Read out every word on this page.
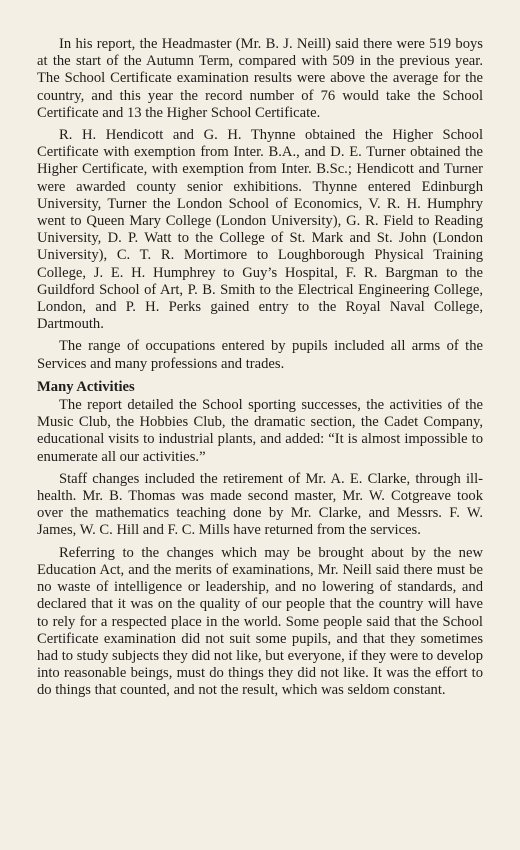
In his report, the Headmaster (Mr. B. J. Neill) said there were 519 boys at the start of the Autumn Term, compared with 509 in the previous year. The School Certificate examination results were above the average for the country, and this year the record number of 76 would take the School Certificate and 13 the Higher School Certificate.

R. H. Hendicott and G. H. Thynne obtained the Higher School Certificate with exemption from Inter. B.A., and D. E. Turner obtained the Higher Certificate, with exemption from Inter. B.Sc.; Hendicott and Turner were awarded county senior exhibitions. Thynne entered Edinburgh University, Turner the London School of Economics, V. R. H. Humphry went to Queen Mary College (London University), G. R. Field to Reading University, D. P. Watt to the College of St. Mark and St. John (London University), C. T. R. Mortimore to Loughborough Physical Training College, J. E. H. Humphrey to Guy’s Hospital, F. R. Bargman to the Guildford School of Art, P. B. Smith to the Electrical Engineering College, London, and P. H. Perks gained entry to the Royal Naval College, Dartmouth.

The range of occupations entered by pupils included all arms of the Services and many professions and trades.

Many Activities

The report detailed the School sporting successes, the activities of the Music Club, the Hobbies Club, the dramatic section, the Cadet Company, educational visits to industrial plants, and added: “It is almost impossible to enumerate all our activities.”

Staff changes included the retirement of Mr. A. E. Clarke, through ill-health. Mr. B. Thomas was made second master, Mr. W. Cotgreave took over the mathematics teaching done by Mr. Clarke, and Messrs. F. W. James, W. C. Hill and F. C. Mills have returned from the services.

Referring to the changes which may be brought about by the new Education Act, and the merits of examinations, Mr. Neill said there must be no waste of intelligence or leadership, and no lowering of standards, and declared that it was on the quality of our people that the country will have to rely for a respected place in the world. Some people said that the School Certificate examination did not suit some pupils, and that they sometimes had to study subjects they did not like, but everyone, if they were to develop into reasonable beings, must do things they did not like. It was the effort to do things that counted, and not the result, which was seldom constant.
